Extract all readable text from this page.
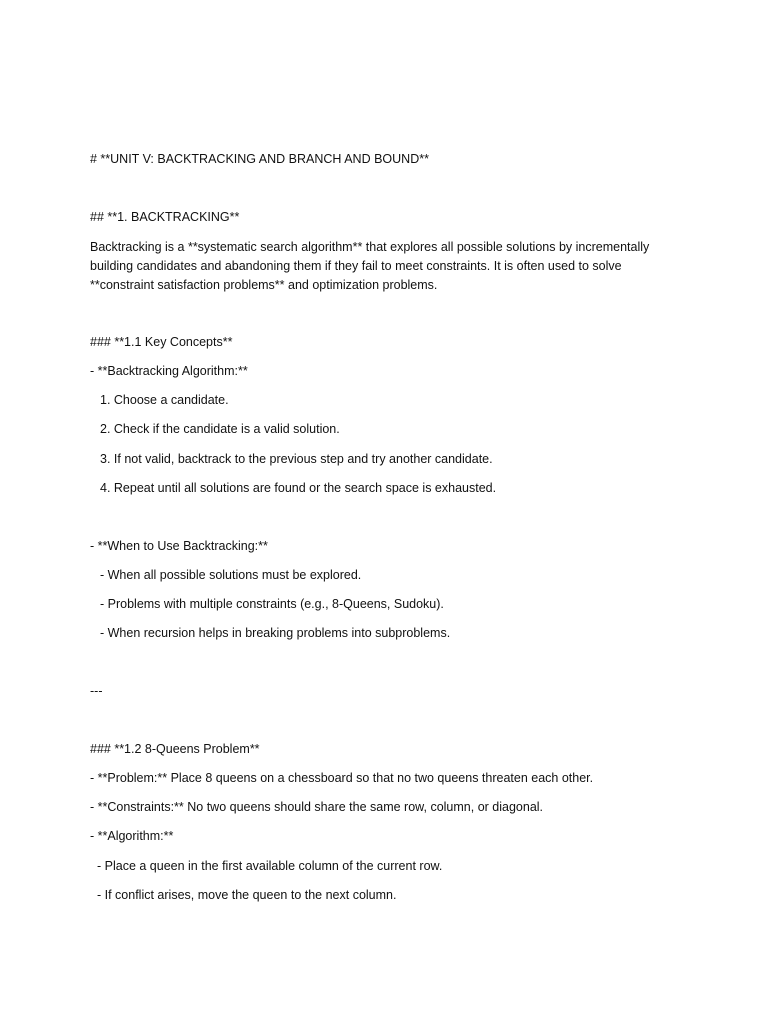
# **UNIT V: BACKTRACKING AND BRANCH AND BOUND**
## **1. BACKTRACKING**
Backtracking is a **systematic search algorithm** that explores all possible solutions by incrementally building candidates and abandoning them if they fail to meet constraints. It is often used to solve **constraint satisfaction problems** and optimization problems.
### **1.1 Key Concepts**
- **Backtracking Algorithm:**
1. Choose a candidate.
2. Check if the candidate is a valid solution.
3. If not valid, backtrack to the previous step and try another candidate.
4. Repeat until all solutions are found or the search space is exhausted.
- **When to Use Backtracking:**
- When all possible solutions must be explored.
- Problems with multiple constraints (e.g., 8-Queens, Sudoku).
- When recursion helps in breaking problems into subproblems.
---
### **1.2 8-Queens Problem**
- **Problem:** Place 8 queens on a chessboard so that no two queens threaten each other.
- **Constraints:** No two queens should share the same row, column, or diagonal.
- **Algorithm:**
- Place a queen in the first available column of the current row.
- If conflict arises, move the queen to the next column.
